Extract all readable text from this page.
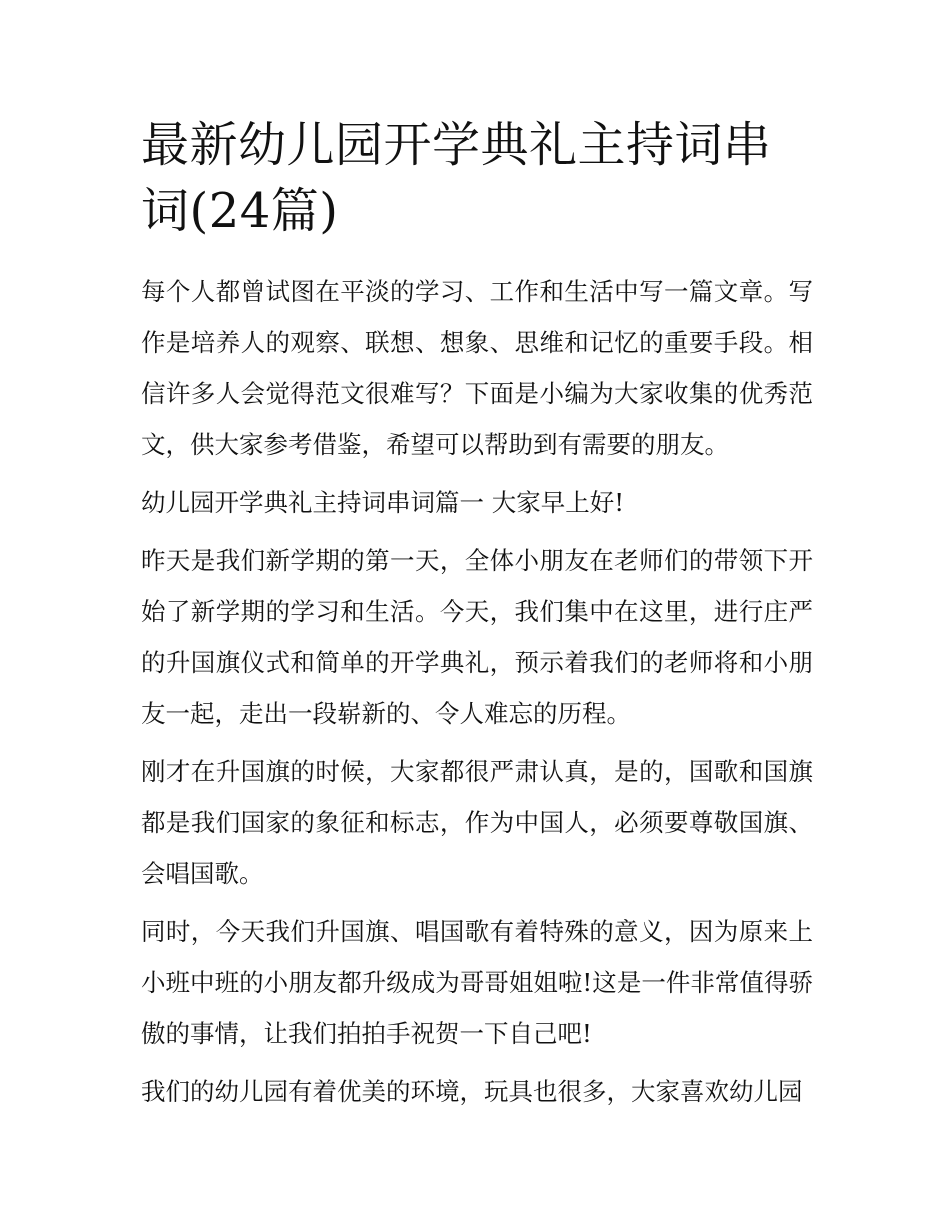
最新幼儿园开学典礼主持词串词(24篇)

每个人都曾试图在平淡的学习、工作和生活中写一篇文章。写作是培养人的观察、联想、想象、思维和记忆的重要手段。相信许多人会觉得范文很难写？下面是小编为大家收集的优秀范文，供大家参考借鉴，希望可以帮助到有需要的朋友。

幼儿园开学典礼主持词串词篇一 大家早上好!

昨天是我们新学期的第一天，全体小朋友在老师们的带领下开始了新学期的学习和生活。今天，我们集中在这里，进行庄严的升国旗仪式和简单的开学典礼，预示着我们的老师将和小朋友一起，走出一段崭新的、令人难忘的历程。

刚才在升国旗的时候，大家都很严肃认真，是的，国歌和国旗都是我们国家的象征和标志，作为中国人，必须要尊敬国旗、会唱国歌。

同时，今天我们升国旗、唱国歌有着特殊的意义，因为原来上小班中班的小朋友都升级成为哥哥姐姐啦!这是一件非常值得骄傲的事情，让我们拍拍手祝贺一下自己吧!

我们的幼儿园有着优美的环境，玩具也很多，大家喜欢幼儿园
